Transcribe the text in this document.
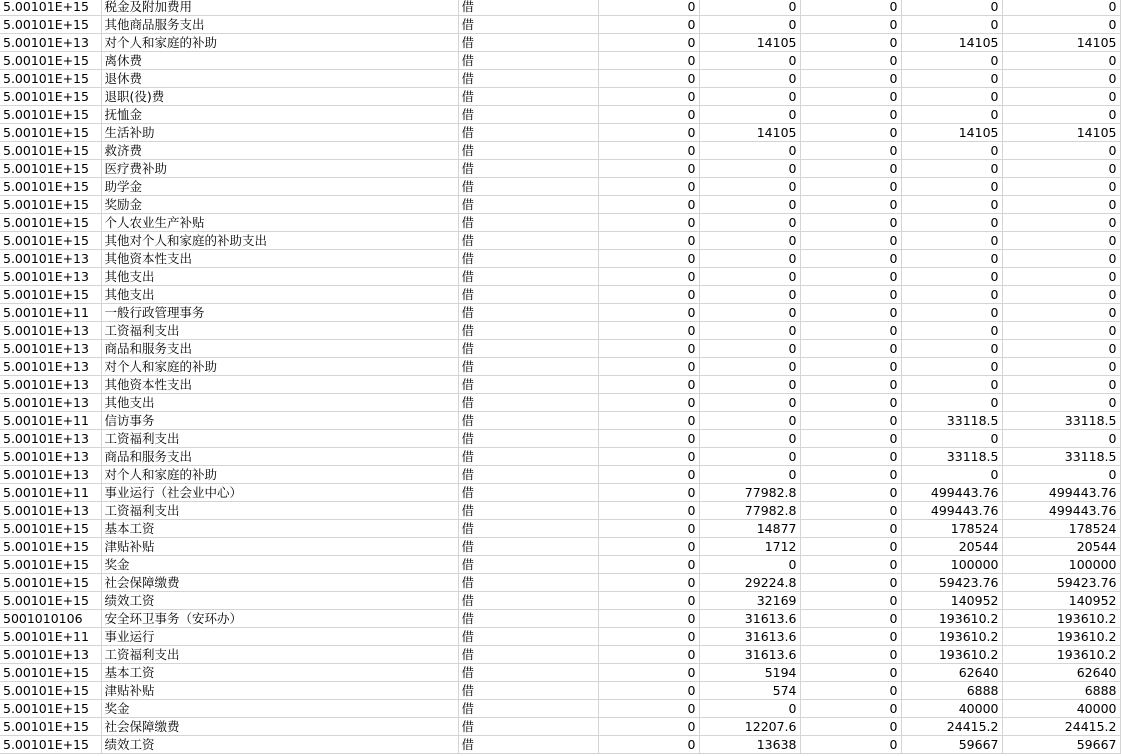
5.00101E+15	税金及附加费用	借	0	0	0	0	0
5.00101E+15	其他商品服务支出	借	0	0	0	0	0
5.00101E+13	对个人和家庭的补助	借	0	14105	0	14105	14105
5.00101E+15	离休费	借	0	0	0	0	0
5.00101E+15	退休费	借	0	0	0	0	0
5.00101E+15	退职(役)费	借	0	0	0	0	0
5.00101E+15	抚恤金	借	0	0	0	0	0
5.00101E+15	生活补助	借	0	14105	0	14105	14105
5.00101E+15	救济费	借	0	0	0	0	0
5.00101E+15	医疗费补助	借	0	0	0	0	0
5.00101E+15	助学金	借	0	0	0	0	0
5.00101E+15	奖励金	借	0	0	0	0	0
5.00101E+15	个人农业生产补贴	借	0	0	0	0	0
5.00101E+15	其他对个人和家庭的补助支出	借	0	0	0	0	0
5.00101E+13	其他资本性支出	借	0	0	0	0	0
5.00101E+13	其他支出	借	0	0	0	0	0
5.00101E+15	其他支出	借	0	0	0	0	0
5.00101E+11	一般行政管理事务	借	0	0	0	0	0
5.00101E+13	工资福利支出	借	0	0	0	0	0
5.00101E+13	商品和服务支出	借	0	0	0	0	0
5.00101E+13	对个人和家庭的补助	借	0	0	0	0	0
5.00101E+13	其他资本性支出	借	0	0	0	0	0
5.00101E+13	其他支出	借	0	0	0	0	0
5.00101E+11	信访事务	借	0	0	0	33118.5	33118.5
5.00101E+13	工资福利支出	借	0	0	0	0	0
5.00101E+13	商品和服务支出	借	0	0	0	33118.5	33118.5
5.00101E+13	对个人和家庭的补助	借	0	0	0	0	0
5.00101E+11	事业运行（社会业中心）	借	0	77982.8	0	499443.76	499443.76
5.00101E+13	工资福利支出	借	0	77982.8	0	499443.76	499443.76
5.00101E+15	基本工资	借	0	14877	0	178524	178524
5.00101E+15	津贴补贴	借	0	1712	0	20544	20544
5.00101E+15	奖金	借	0	0	0	100000	100000
5.00101E+15	社会保障缴费	借	0	29224.8	0	59423.76	59423.76
5.00101E+15	绩效工资	借	0	32169	0	140952	140952
5001010106	安全环卫事务（安环办）	借	0	31613.6	0	193610.2	193610.2
5.00101E+11	事业运行	借	0	31613.6	0	193610.2	193610.2
5.00101E+13	工资福利支出	借	0	31613.6	0	193610.2	193610.2
5.00101E+15	基本工资	借	0	5194	0	62640	62640
5.00101E+15	津贴补贴	借	0	574	0	6888	6888
5.00101E+15	奖金	借	0	0	0	40000	40000
5.00101E+15	社会保障缴费	借	0	12207.6	0	24415.2	24415.2
5.00101E+15	绩效工资	借	0	13638	0	59667	59667
